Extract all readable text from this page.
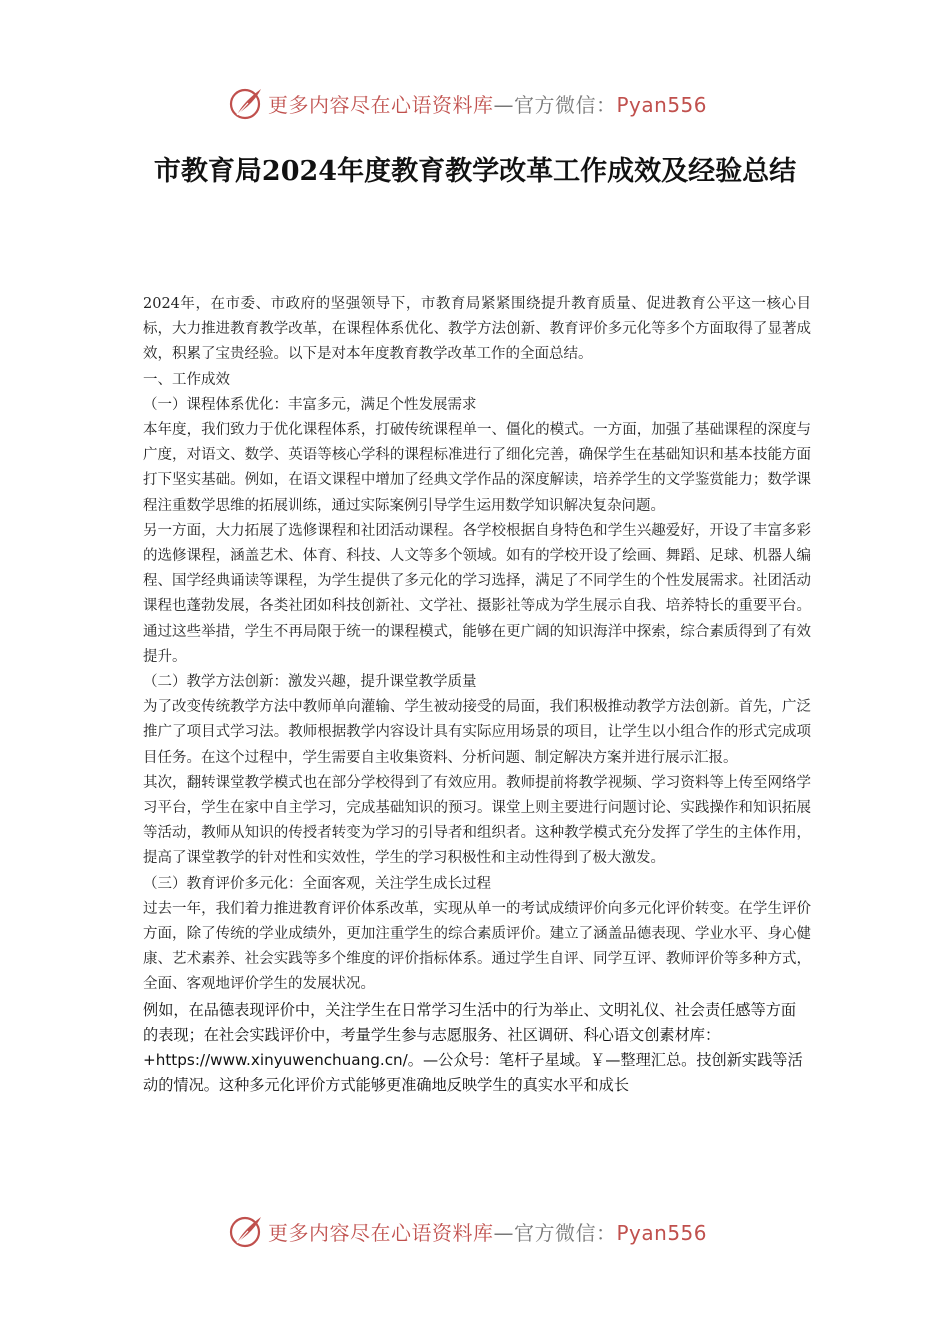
更多内容尽在心语资料库—官方微信：Pyan556
市教育局2024年度教育教学改革工作成效及经验总结

2024年，在市委、市政府的坚强领导下，市教育局紧紧围绕提升教育质量、促进教育公平这一核心目标，大力推进教育教学改革，在课程体系优化、教学方法创新、教育评价多元化等多个方面取得了显著成效，积累了宝贵经验。以下是对本年度教育教学改革工作的全面总结。

一、工作成效

（一）课程体系优化：丰富多元，满足个性发展需求

本年度，我们致力于优化课程体系，打破传统课程单一、僵化的模式。一方面，加强了基础课程的深度与广度，对语文、数学、英语等核心学科的课程标准进行了细化完善，确保学生在基础知识和基本技能方面打下坚实基础。例如，在语文课程中增加了经典文学作品的深度解读，培养学生的文学鉴赏能力；数学课程注重数学思维的拓展训练，通过实际案例引导学生运用数学知识解决复杂问题。

另一方面，大力拓展了选修课程和社团活动课程。各学校根据自身特色和学生兴趣爱好，开设了丰富多彩的选修课程，涵盖艺术、体育、科技、人文等多个领域。如有的学校开设了绘画、舞蹈、足球、机器人编程、国学经典诵读等课程，为学生提供了多元化的学习选择，满足了不同学生的个性发展需求。社团活动课程也蓬勃发展，各类社团如科技创新社、文学社、摄影社等成为学生展示自我、培养特长的重要平台。通过这些举措，学生不再局限于统一的课程模式，能够在更广阔的知识海洋中探索，综合素质得到了有效提升。

（二）教学方法创新：激发兴趣，提升课堂教学质量

为了改变传统教学方法中教师单向灌输、学生被动接受的局面，我们积极推动教学方法创新。首先，广泛推广了项目式学习法。教师根据教学内容设计具有实际应用场景的项目，让学生以小组合作的形式完成项目任务。在这个过程中，学生需要自主收集资料、分析问题、制定解决方案并进行展示汇报。

其次，翻转课堂教学模式也在部分学校得到了有效应用。教师提前将教学视频、学习资料等上传至网络学习平台，学生在家中自主学习，完成基础知识的预习。课堂上则主要进行问题讨论、实践操作和知识拓展等活动，教师从知识的传授者转变为学习的引导者和组织者。这种教学模式充分发挥了学生的主体作用，提高了课堂教学的针对性和实效性，学生的学习积极性和主动性得到了极大激发。

（三）教育评价多元化：全面客观，关注学生成长过程

过去一年，我们着力推进教育评价体系改革，实现从单一的考试成绩评价向多元化评价转变。在学生评价方面，除了传统的学业成绩外，更加注重学生的综合素质评价。建立了涵盖品德表现、学业水平、身心健康、艺术素养、社会实践等多个维度的评价指标体系。通过学生自评、同学互评、教师评价等多种方式，全面、客观地评价学生的发展状况。

例如，在品德表现评价中，关注学生在日常学习生活中的行为举止、文明礼仪、社会责任感等方面的表现；在社会实践评价中，考量学生参与志愿服务、社区调研、科心语文创素材库：+https://www.xinyuwenchuang.cn/。—公众号：笔杆子星域。￥—整理汇总。技创新实践等活动的情况。这种多元化评价方式能够更准确地反映学生的真实水平和成长

更多内容尽在心语资料库—官方微信：Pyan556
